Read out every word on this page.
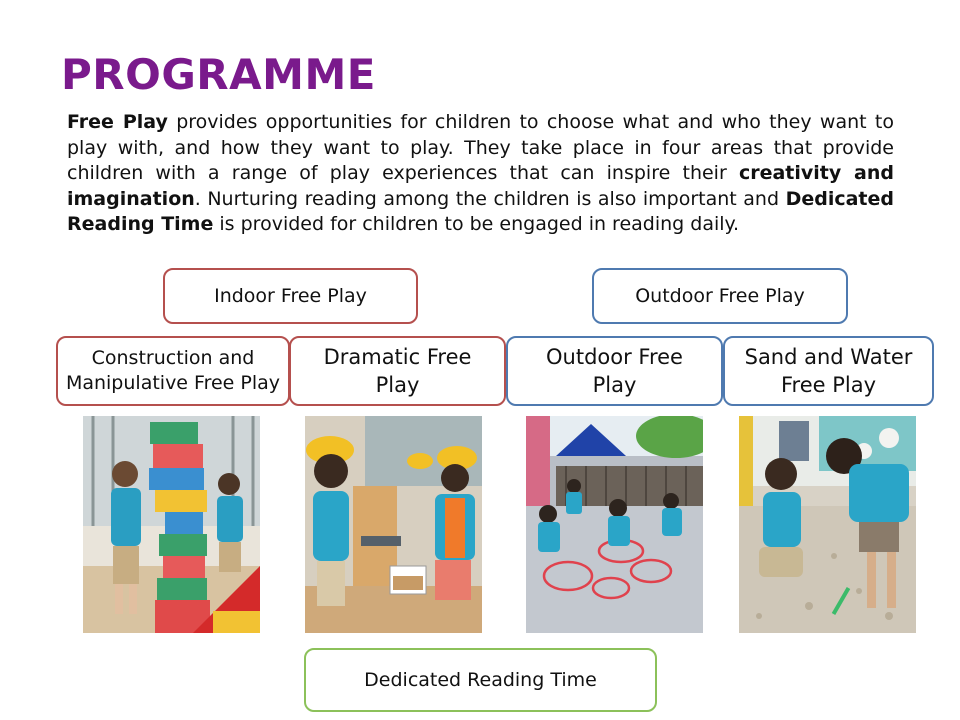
PROGRAMME

Free Play provides opportunities for children to choose what and who they want to play with, and how they want to play. They take place in four areas that provide children with a range of play experiences that can inspire their creativity and imagination. Nurturing reading among the children is also important and Dedicated Reading Time is provided for children to be engaged in reading daily.

Indoor Free Play	Outdoor Free Play
Construction and Manipulative Free Play
Dramatic Free Play
Outdoor Free Play
Sand and Water Free Play
Dedicated Reading Time
